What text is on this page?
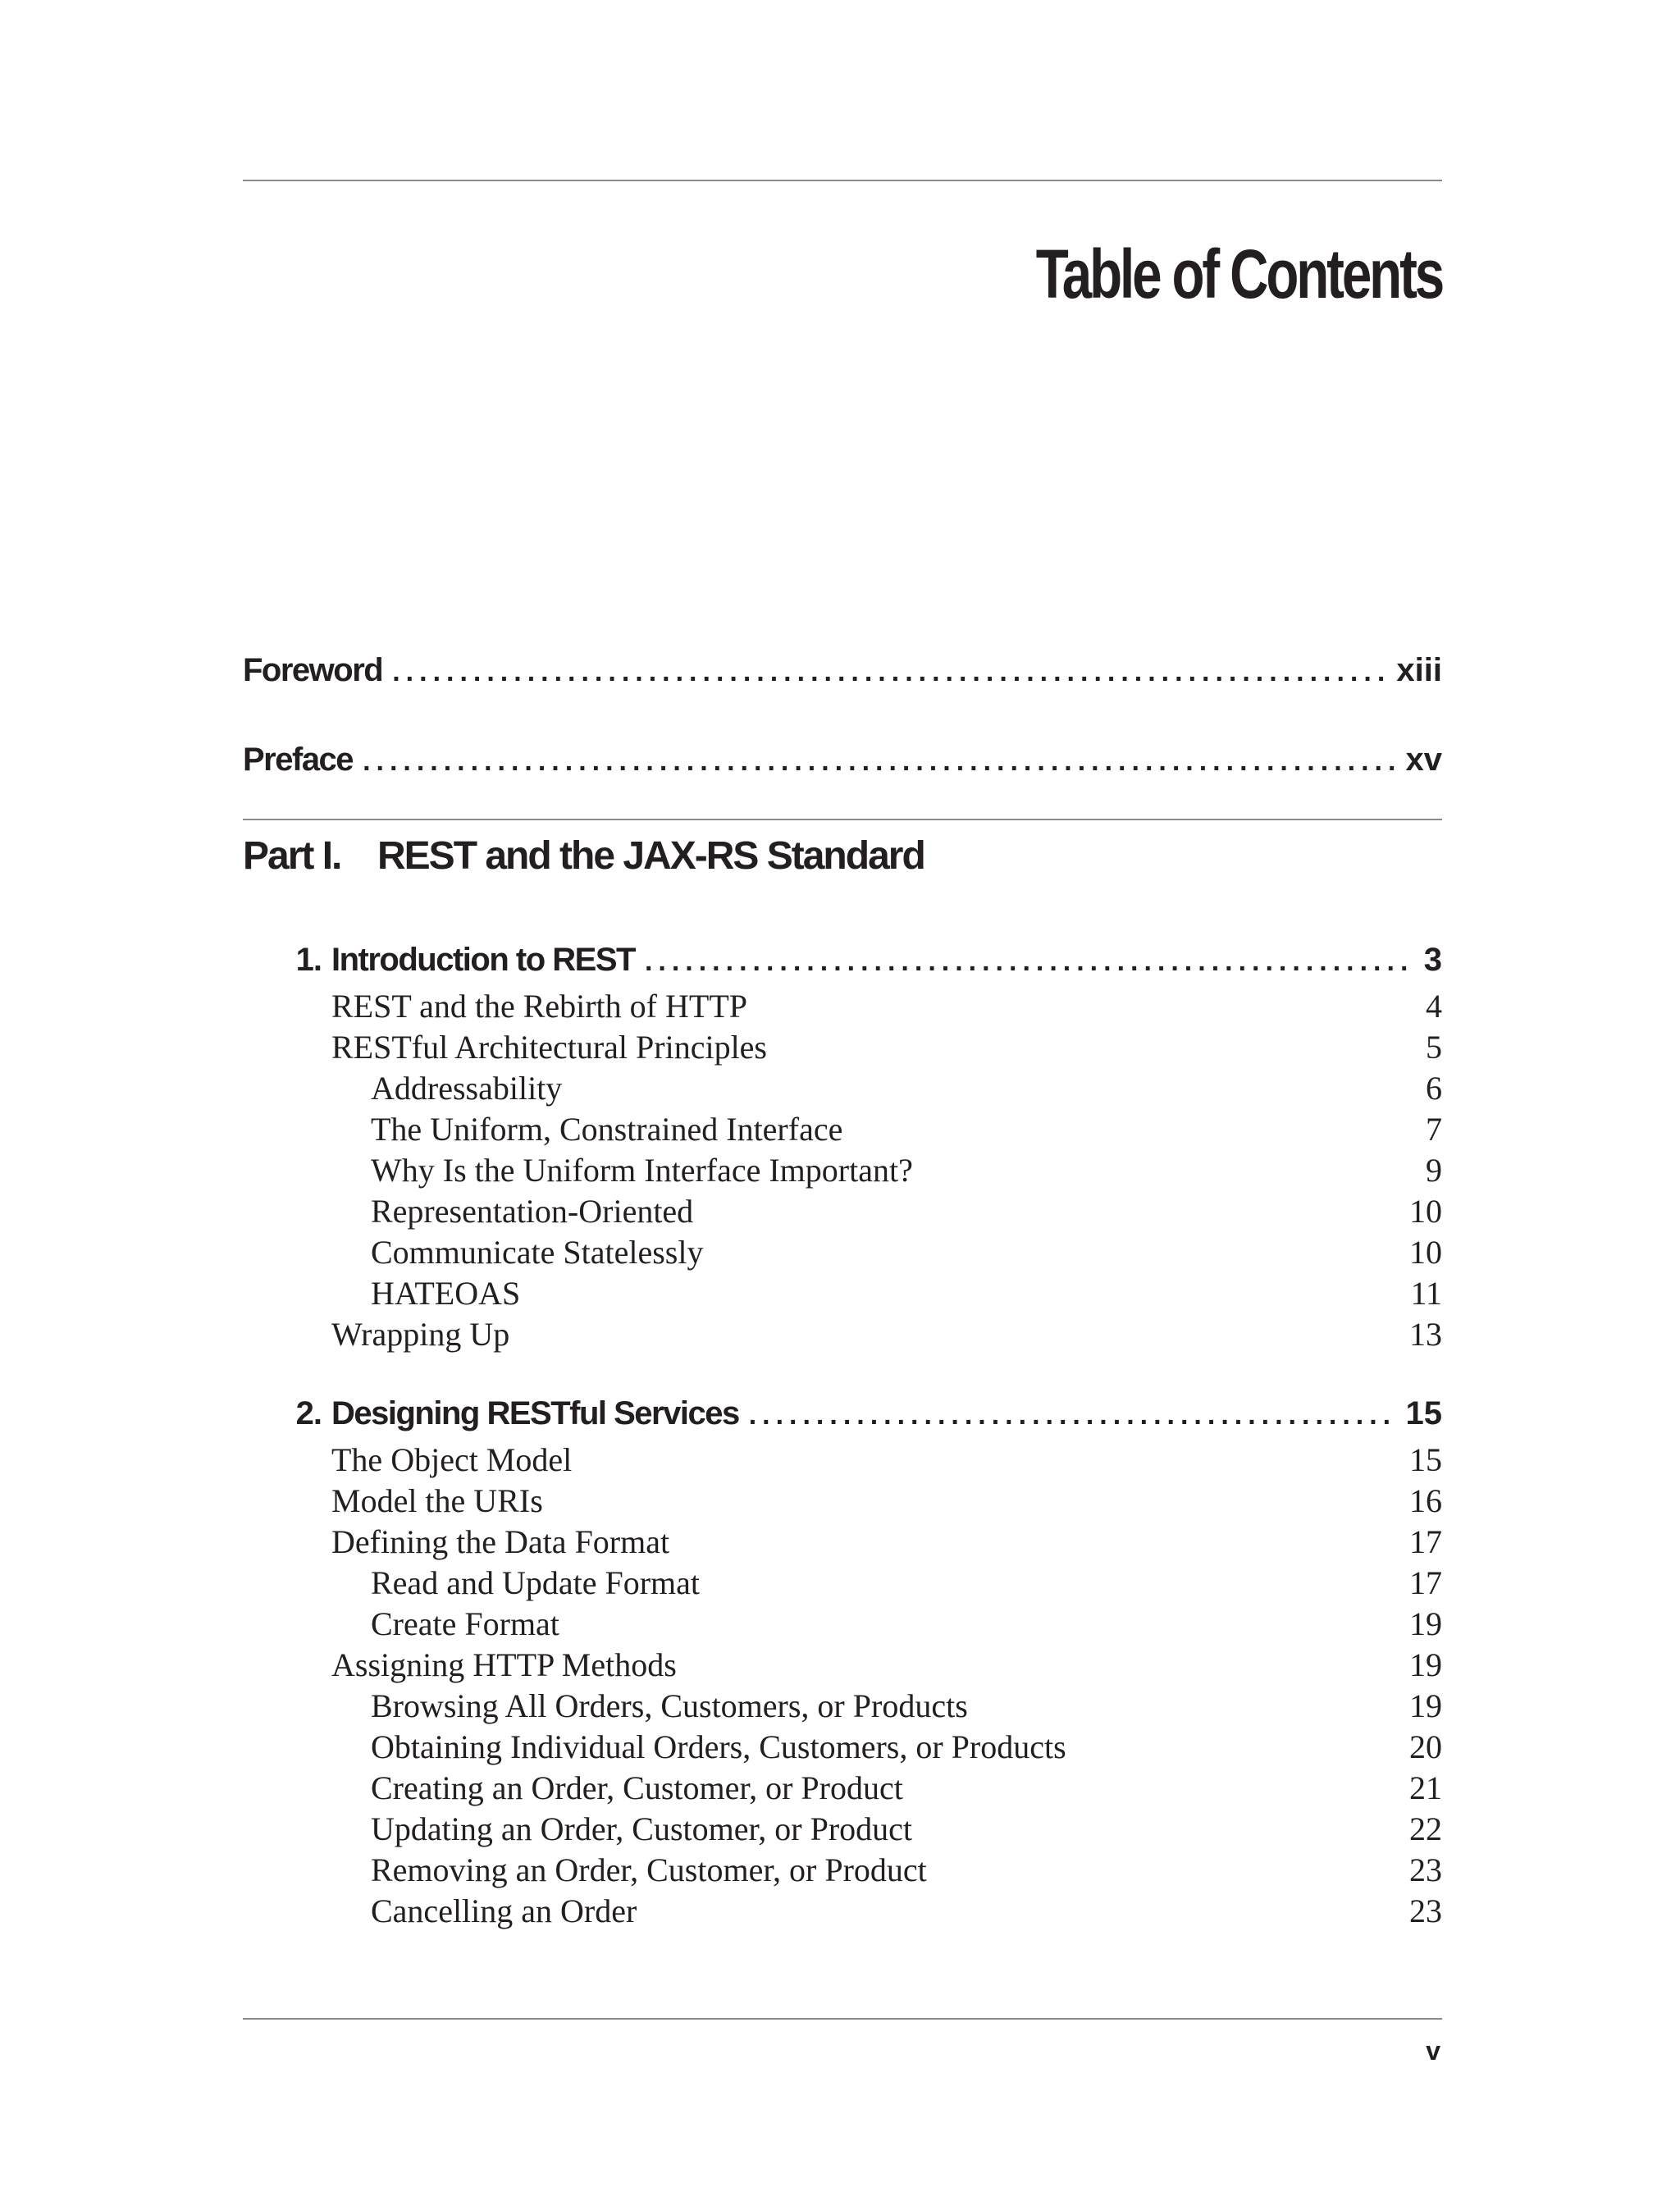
Table of Contents
Foreword .....	xiii
Preface .....	xv
Part I. REST and the JAX-RS Standard
1. Introduction to REST .....	3
REST and the Rebirth of HTTP	4
RESTful Architectural Principles	5
Addressability	6
The Uniform, Constrained Interface	7
Why Is the Uniform Interface Important?	9
Representation-Oriented	10
Communicate Statelessly	10
HATEOAS	11
Wrapping Up	13
2. Designing RESTful Services .....	15
The Object Model	15
Model the URIs	16
Defining the Data Format	17
Read and Update Format	17
Create Format	19
Assigning HTTP Methods	19
Browsing All Orders, Customers, or Products	19
Obtaining Individual Orders, Customers, or Products	20
Creating an Order, Customer, or Product	21
Updating an Order, Customer, or Product	22
Removing an Order, Customer, or Product	23
Cancelling an Order	23
v
